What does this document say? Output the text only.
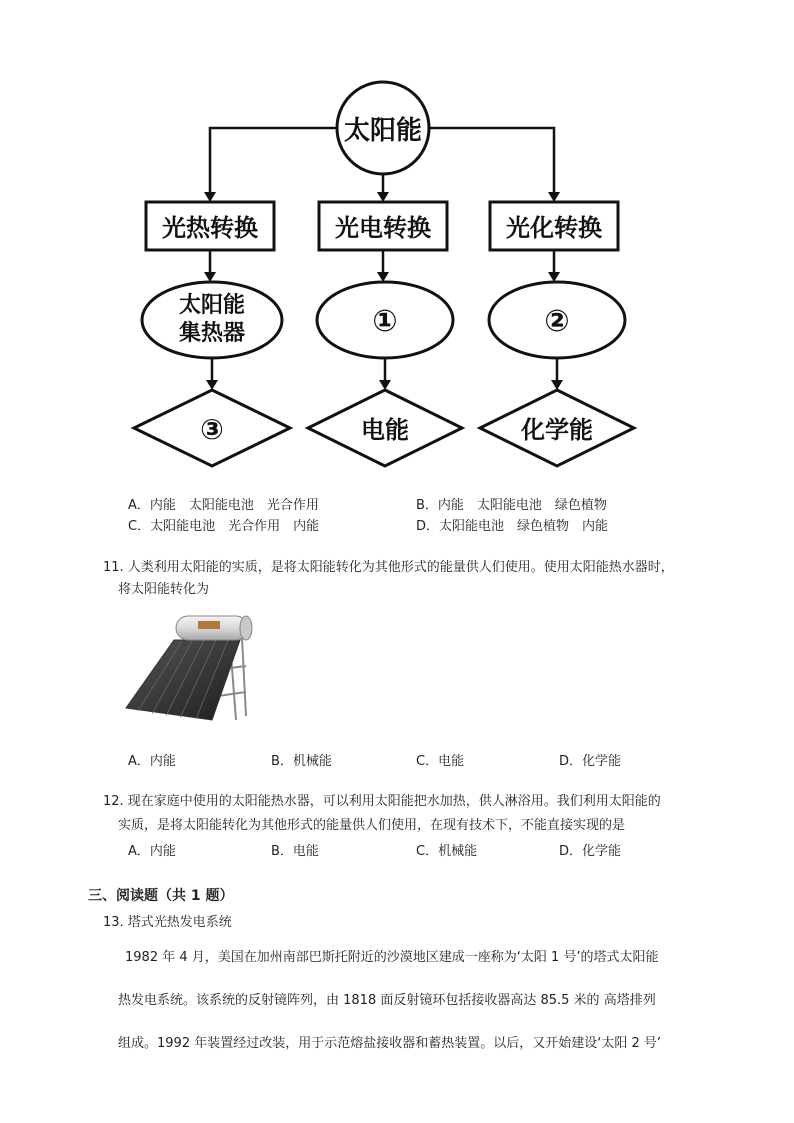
太阳能
光热转换	光电转换	光化转换
太阳能
集热器	①	②
③	电能	化学能
A．内能　太阳能电池　光合作用	B．内能　太阳能电池　绿色植物
C．太阳能电池　光合作用　内能	D．太阳能电池　绿色植物　内能
11. 人类利用太阳能的实质，是将太阳能转化为其他形式的能量供人们使用。使用太阳能热水器时，
将太阳能转化为
A．内能	B．机械能	C．电能	D．化学能
12. 现在家庭中使用的太阳能热水器，可以利用太阳能把水加热，供人淋浴用。我们利用太阳能的
实质，是将太阳能转化为其他形式的能量供人们使用，在现有技术下，不能直接实现的是
A．内能	B．电能	C．机械能	D．化学能
三、阅读题（共 1 题）
13. 塔式光热发电系统
1982 年 4 月，美国在加州南部巴斯托附近的沙漠地区建成一座称为‘太阳 1 号’的塔式太阳能
热发电系统。该系统的反射镜阵列，由 1818 面反射镜环包括接收器高达 85.5 米的 高塔排列
组成。1992 年装置经过改装，用于示范熔盐接收器和蓄热装置。以后，又开始建设‘太阳 2 号’
